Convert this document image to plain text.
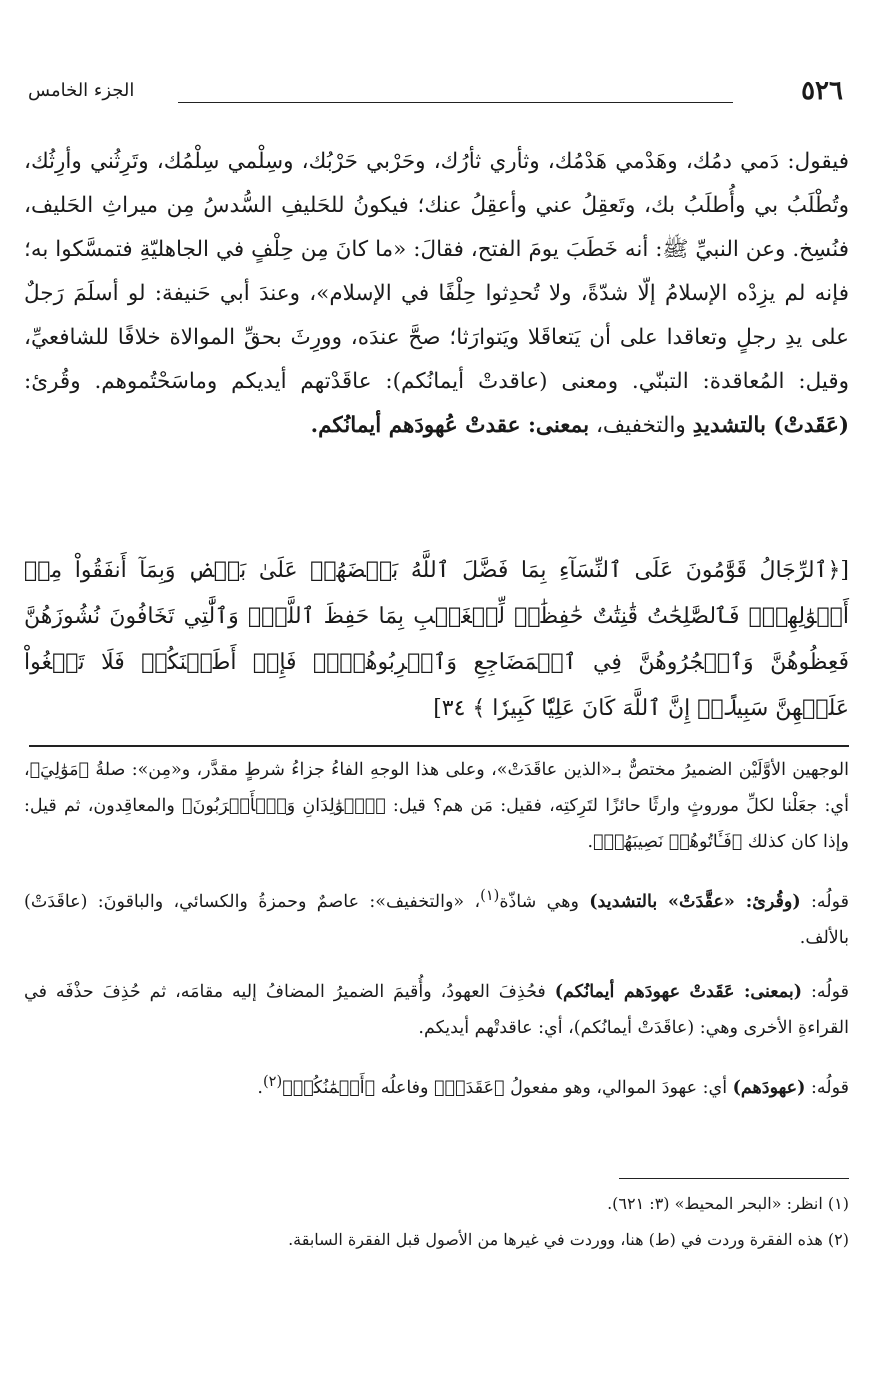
٥٢٦
الجزء الخامس

فيقول: دَمي دمُك، وهَدْمي هَدْمُك، وثأري ثأرُك، وحَرْبي حَرْبُك، وسِلْمي سِلْمُك، وتَرِثُني وأرِثُك، وتُطْلَبُ بي وأُطلَبُ بك، وتَعقِلُ عني وأعقِلُ عنك؛ فيكونُ للحَليفِ السُّدسُ مِن ميراثِ الحَليف، فنُسِخ. وعن النبيِّ ﷺ: أنه خَطَبَ يومَ الفتح، فقالَ: «ما كانَ مِن حِلْفٍ في الجاهليّةِ فتمسَّكوا به؛ فإنه لم يزِدْه الإسلامُ إلّا شدّةً، ولا تُحدِثوا حِلْفًا في الإسلام»، وعندَ أبي حَنيفة: لو أسلَمَ رَجلٌ على يدِ رجلٍ وتعاقدا على أن يَتعاقَلا ويَتوارَثا؛ صحَّ عندَه، وورِثَ بحقِّ الموالاة خلافًا للشافعيِّ، وقيل: المُعاقدة: التبنّي. ومعنى (عاقدتْ أيمانُكم): عاقَدْتهم أيديكم وماسَحْتُموهم. وقُرئ: (عَقَدتْ) بالتشديدِ والتخفيف، بمعنى: عقدتْ عُهودَهم أيمانُكم.

[﴿ٱلرِّجَالُ قَوَّٰمُونَ عَلَى ٱلنِّسَآءِ بِمَا فَضَّلَ ٱللَّهُ بَعۡضَهُمۡ عَلَىٰ بَعۡضٖ وَبِمَآ أَنفَقُواْ مِنۡ أَمۡوَٰلِهِمۡۚ فَٱلصَّٰلِحَٰتُ قَٰنِتَٰتٌ حَٰفِظَٰتٞ لِّلۡغَيۡبِ بِمَا حَفِظَ ٱللَّهُۚ وَٱلَّٰتِي تَخَافُونَ نُشُوزَهُنَّ فَعِظُوهُنَّ وَٱهۡجُرُوهُنَّ فِي ٱلۡمَضَاجِعِ وَٱضۡرِبُوهُنَّۖ فَإِنۡ أَطَعۡنَكُمۡ فَلَا تَبۡغُواْ عَلَيۡهِنَّ سَبِيلًاۗ إِنَّ ٱللَّهَ كَانَ عَلِيّٗا كَبِيرٗا ﴾ ٣٤]

الوجهين الأوَّلَيْن الضميرُ مختصٌّ بـ«الذين عاقَدَتْ»، وعلى هذا الوجهِ الفاءُ جزاءُ شرطٍ مقدَّر، و«مِن»: صلةُ ﴿مَوَٰلِيَ﴾، أي: جعَلْنا لكلِّ موروثٍ وارثًا حائزًا لتَرِكتِه، فقيل: مَن هم؟ قيل: ﴿ٱلۡوَٰلِدَانِ وَٱلۡأَقۡرَبُونَ﴾ والمعاقِدون، ثم قيل: وإذا كان كذلك ﴿فَـَٔاتُوهُمۡ نَصِيبَهُمۡ﴾.

قولُه: (وقُرئ: «عقَّدَتْ» بالتشديد) وهي شاذّة$^{(١)}$، «والتخفيف»: عاصمٌ وحمزةُ والكسائي، والباقونَ: (عاقَدَتْ) بالألف.

قولُه: (بمعنى: عَقَدتْ عهودَهم أيمانُكم) فحُذِفَ العهودُ، وأُقيمَ الضميرُ المضافُ إليه مقامَه، ثم حُذِفَ حذْفَه في القراءةِ الأخرى وهي: (عاقَدَتْ أيمانُكم)، أي: عاقدتْهم أيديكم.

قولُه: (عهودَهم) أي: عهودَ الموالي، وهو مفعولُ ﴿عَقَدَتۡ﴾ وفاعلُه ﴿أَيۡمَٰنُكُمۡ﴾$^{(٢)}$.

(١) انظر: «البحر المحيط» (٣: ٦٢١).

(٢) هذه الفقرة وردت في (ط) هنا، ووردت في غيرها من الأصول قبل الفقرة السابقة.
